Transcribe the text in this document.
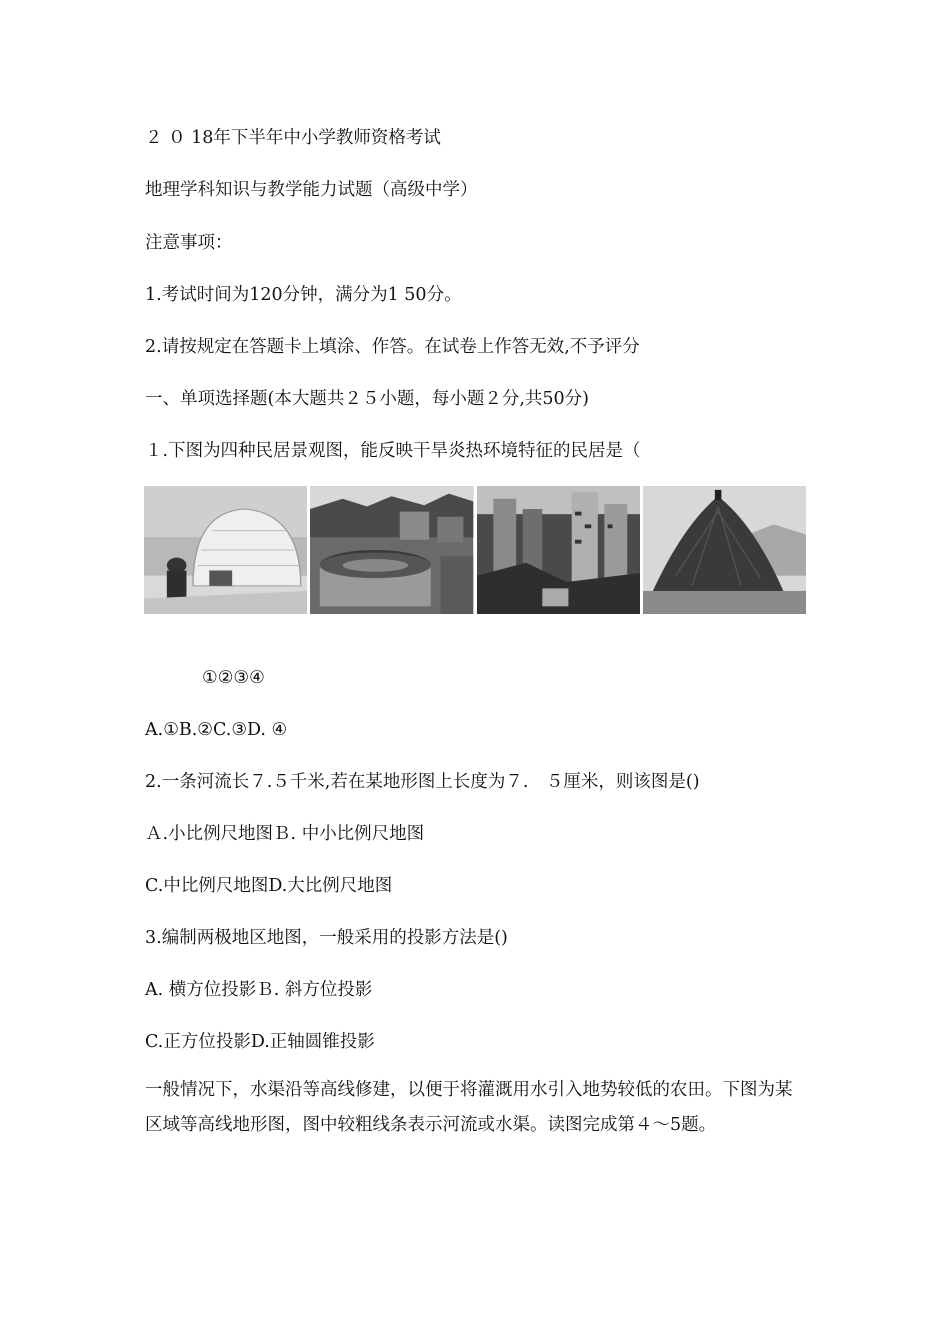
２ ０ 18年下半年中小学教师资格考试
地理学科知识与教学能力试题（高级中学）
注意事项：
1.考试时间为120分钟，满分为1 50分。
2.请按规定在答题卡上填涂、作答。在试卷上作答无效,不予评分
一、单项选择题(本大题共２５小题，每小题２分,共50分)
１.下图为四种民居景观图，能反映干旱炎热环境特征的民居是（
①②③④
A.①B.②C.③D. ④
2.一条河流长７.５千米,若在某地形图上长度为７.　５厘米，则该图是()
Ａ.小比例尺地图Ｂ. 中小比例尺地图
C.中比例尺地图D.大比例尺地图
3.编制两极地区地图，一般采用的投影方法是()
A. 横方位投影Ｂ. 斜方位投影
C.正方位投影D.正轴圆锥投影
一般情况下，水渠沿等高线修建，以便于将灌溉用水引入地势较低的农田。下图为某区域等高线地形图，图中较粗线条表示河流或水渠。读图完成第４～5题。
